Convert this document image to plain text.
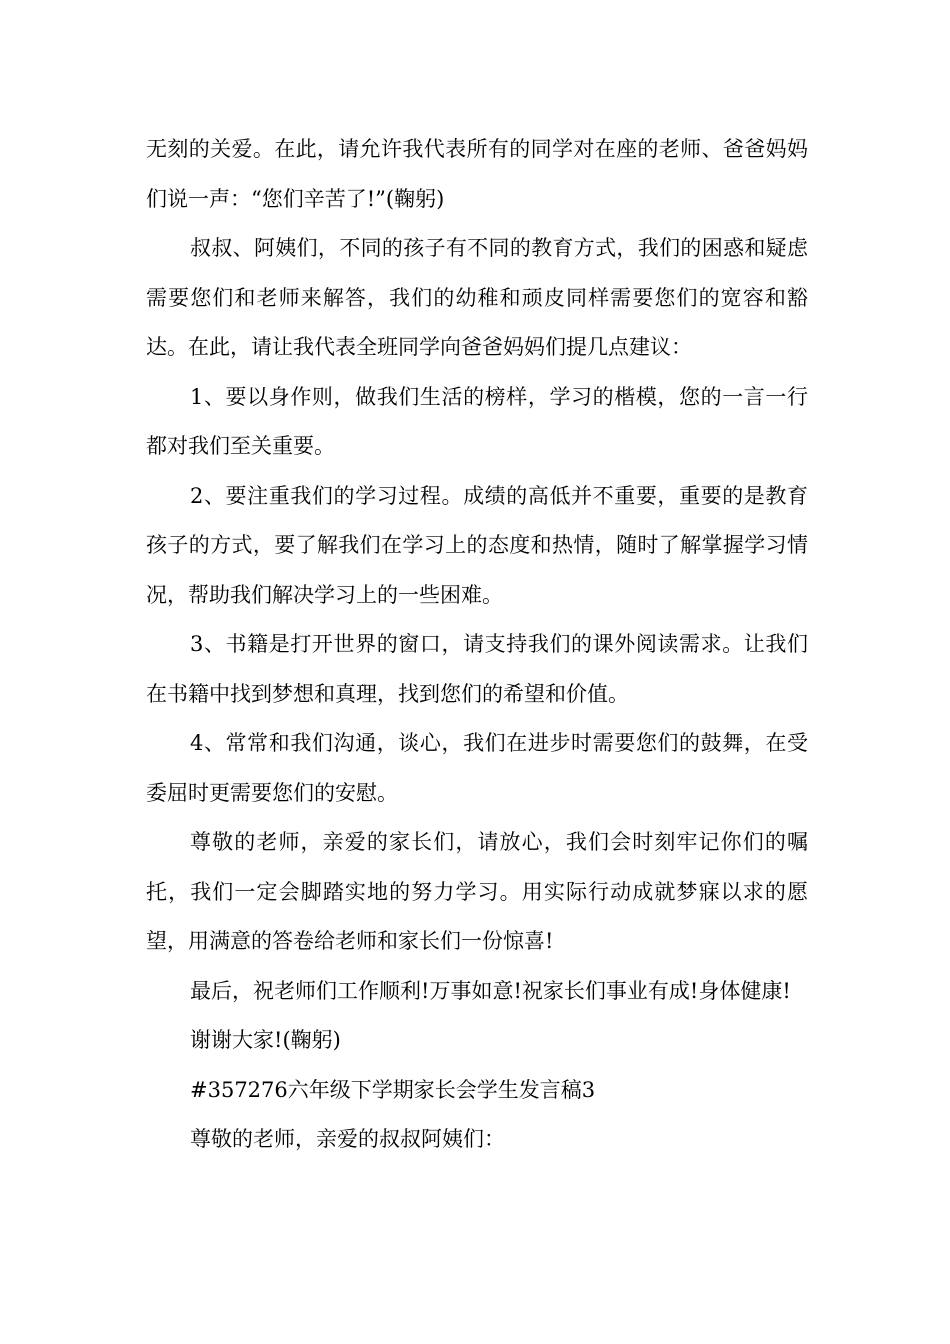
无刻的关爱。在此，请允许我代表所有的同学对在座的老师、爸爸妈妈们说一声：“您们辛苦了!”(鞠躬)

叔叔、阿姨们，不同的孩子有不同的教育方式，我们的困惑和疑虑需要您们和老师来解答，我们的幼稚和顽皮同样需要您们的宽容和豁达。在此，请让我代表全班同学向爸爸妈妈们提几点建议：

1、要以身作则，做我们生活的榜样，学习的楷模，您的一言一行都对我们至关重要。

2、要注重我们的学习过程。成绩的高低并不重要，重要的是教育孩子的方式，要了解我们在学习上的态度和热情，随时了解掌握学习情况，帮助我们解决学习上的一些困难。

3、书籍是打开世界的窗口，请支持我们的课外阅读需求。让我们在书籍中找到梦想和真理，找到您们的希望和价值。

4、常常和我们沟通，谈心，我们在进步时需要您们的鼓舞，在受委屈时更需要您们的安慰。

尊敬的老师，亲爱的家长们，请放心，我们会时刻牢记你们的嘱托，我们一定会脚踏实地的努力学习。用实际行动成就梦寐以求的愿望，用满意的答卷给老师和家长们一份惊喜!

最后，祝老师们工作顺利!万事如意!祝家长们事业有成!身体健康!

谢谢大家!(鞠躬)

#357276六年级下学期家长会学生发言稿3

尊敬的老师，亲爱的叔叔阿姨们：
